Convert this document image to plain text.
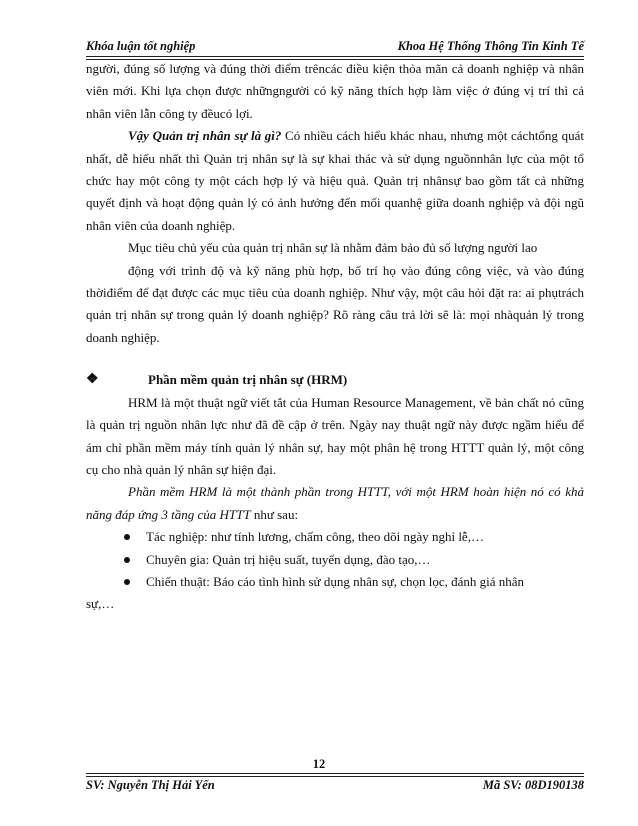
Khóa luận tốt nghiệp	Khoa Hệ Thống Thông Tin Kinh Tế

người, đúng số lượng và đúng thời điểm trêncác điều kiện thỏa mãn cả doanh nghiệp và nhân viên mới. Khi lựa chọn được nhữngngười có kỹ năng thích hợp làm việc ở đúng vị trí thì cả nhân viên lẫn công ty đềucó lợi.

Vậy Quản trị nhân sự là gì? Có nhiều cách hiểu khác nhau, nhưng một cáchtổng quát nhất, dễ hiểu nhất thì Quản trị nhân sự là sự khai thác và sử dụng nguồnnhân lực của một tổ chức hay một công ty một cách hợp lý và hiệu quả. Quản trị nhânsự bao gồm tất cả những quyết định và hoạt động quản lý có ảnh hưởng đến mối quanhệ giữa doanh nghiệp và đội ngũ nhân viên của doanh nghiệp.

Mục tiêu chủ yếu của quản trị nhân sự là nhằm đảm bảo đủ số lượng người lao

động với trình độ và kỹ năng phù hợp, bố trí họ vào đúng công việc, và vào đúng thờiđiểm để đạt được các mục tiêu của doanh nghiệp. Như vậy, một câu hỏi đặt ra: ai phụtrách quản trị nhân sự trong quản lý doanh nghiệp? Rõ ràng câu trả lời sẽ là: mọi nhàquản lý trong doanh nghiệp.

❖	Phần mềm quản trị nhân sự (HRM)

HRM là một thuật ngữ viết tắt của Human Resource Management, về bản chất nó cũng là quản trị nguồn nhân lực như đã đề cập ở trên. Ngày nay thuật ngữ này được ngầm hiểu để ám chỉ phần mềm máy tính quản lý nhân sự, hay một phân hệ trong HTTT quản lý, một công cụ cho nhà quản lý nhân sự hiện đại.

Phần mềm HRM là một thành phần trong HTTT, với một HRM hoàn hiện nó có khả năng đáp ứng 3 tầng của HTTT như sau:

Tác nghiệp: như tính lương, chấm công, theo dõi ngày nghỉ lễ,…
Chuyên gia: Quản trị hiệu suất, tuyển dụng, đào tạo,…
Chiến thuật: Báo cáo tình hình sử dụng nhân sự, chọn lọc, đánh giá nhân

sự,…

12
SV: Nguyễn Thị Hải Yến	Mã SV: 08D190138
